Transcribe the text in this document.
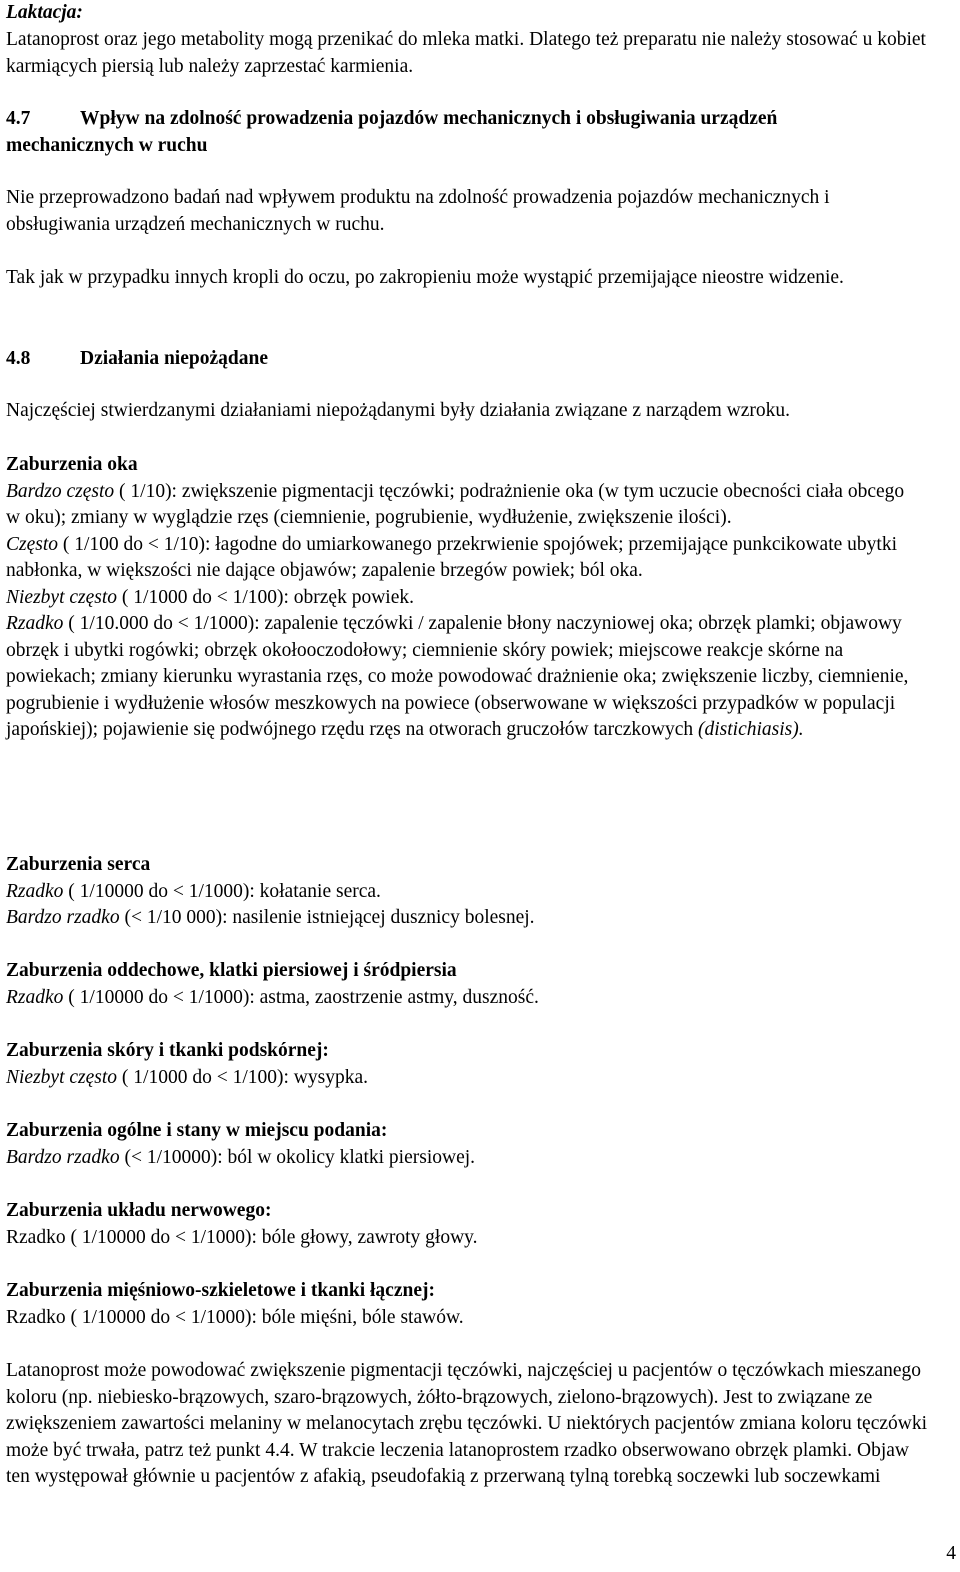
Laktacja:

Latanoprost oraz jego metabolity mogą przenikać do mleka matki. Dlatego też preparatu nie należy stosować u kobiet karmiących piersią lub należy zaprzestać karmienia.

4.7	Wpływ na zdolność prowadzenia pojazdów mechanicznych i obsługiwania urządzeń mechanicznych w ruchu

Nie przeprowadzono badań nad wpływem produktu na zdolność prowadzenia pojazdów mechanicznych i obsługiwania urządzeń mechanicznych w ruchu.

Tak jak w przypadku innych kropli do oczu, po zakropieniu może wystąpić przemijające nieostre widzenie.

4.8	Działania niepożądane

Najczęściej stwierdzanymi działaniami niepożądanymi były działania związane z narządem wzroku.

Zaburzenia oka

Bardzo często ( 1/10): zwiększenie pigmentacji tęczówki; podrażnienie oka (w tym uczucie obecności ciała obcego w oku); zmiany w wyglądzie rzęs (ciemnienie, pogrubienie, wydłużenie, zwiększenie ilości).

Często ( 1/100 do < 1/10): łagodne do umiarkowanego przekrwienie spojówek; przemijające punkcikowate ubytki nabłonka, w większości nie dające objawów; zapalenie brzegów powiek; ból oka.

Niezbyt często ( 1/1000 do < 1/100): obrzęk powiek.

Rzadko ( 1/10.000 do < 1/1000): zapalenie tęczówki / zapalenie błony naczyniowej oka; obrzęk plamki; objawowy obrzęk i ubytki rogówki; obrzęk okołooczodołowy; ciemnienie skóry powiek; miejscowe reakcje skórne na powiekach; zmiany kierunku wyrastania rzęs, co może powodować drażnienie oka; zwiększenie liczby, ciemnienie, pogrubienie i wydłużenie włosów meszkowych na powiece (obserwowane w większości przypadków w populacji japońskiej); pojawienie się podwójnego rzędu rzęs na otworach gruczołów tarczkowych (distichiasis).

Zaburzenia serca

Rzadko ( 1/10000 do < 1/1000): kołatanie serca.

Bardzo rzadko (< 1/10 000): nasilenie istniejącej dusznicy bolesnej.

Zaburzenia oddechowe, klatki piersiowej i śródpiersia

Rzadko ( 1/10000 do < 1/1000): astma, zaostrzenie astmy, duszność.

Zaburzenia skóry i tkanki podskórnej:

Niezbyt często ( 1/1000 do < 1/100): wysypka.

Zaburzenia ogólne i stany w miejscu podania:

Bardzo rzadko (< 1/10000): ból w okolicy klatki piersiowej.

Zaburzenia układu nerwowego:

Rzadko ( 1/10000 do < 1/1000): bóle głowy, zawroty głowy.

Zaburzenia mięśniowo-szkieletowe i tkanki łącznej:

Rzadko ( 1/10000 do < 1/1000): bóle mięśni, bóle stawów.

Latanoprost może powodować zwiększenie pigmentacji tęczówki, najczęściej u pacjentów o tęczówkach mieszanego koloru (np. niebiesko-brązowych, szaro-brązowych, żółto-brązowych, zielono-brązowych). Jest to związane ze zwiększeniem zawartości melaniny w melanocytach zrębu tęczówki. U niektórych pacjentów zmiana koloru tęczówki może być trwała, patrz też punkt 4.4. W trakcie leczenia latanoprostem rzadko obserwowano obrzęk plamki. Objaw ten występował głównie u pacjentów z afakią, pseudofakią z przerwaną tylną torebką soczewki lub soczewkami

4
